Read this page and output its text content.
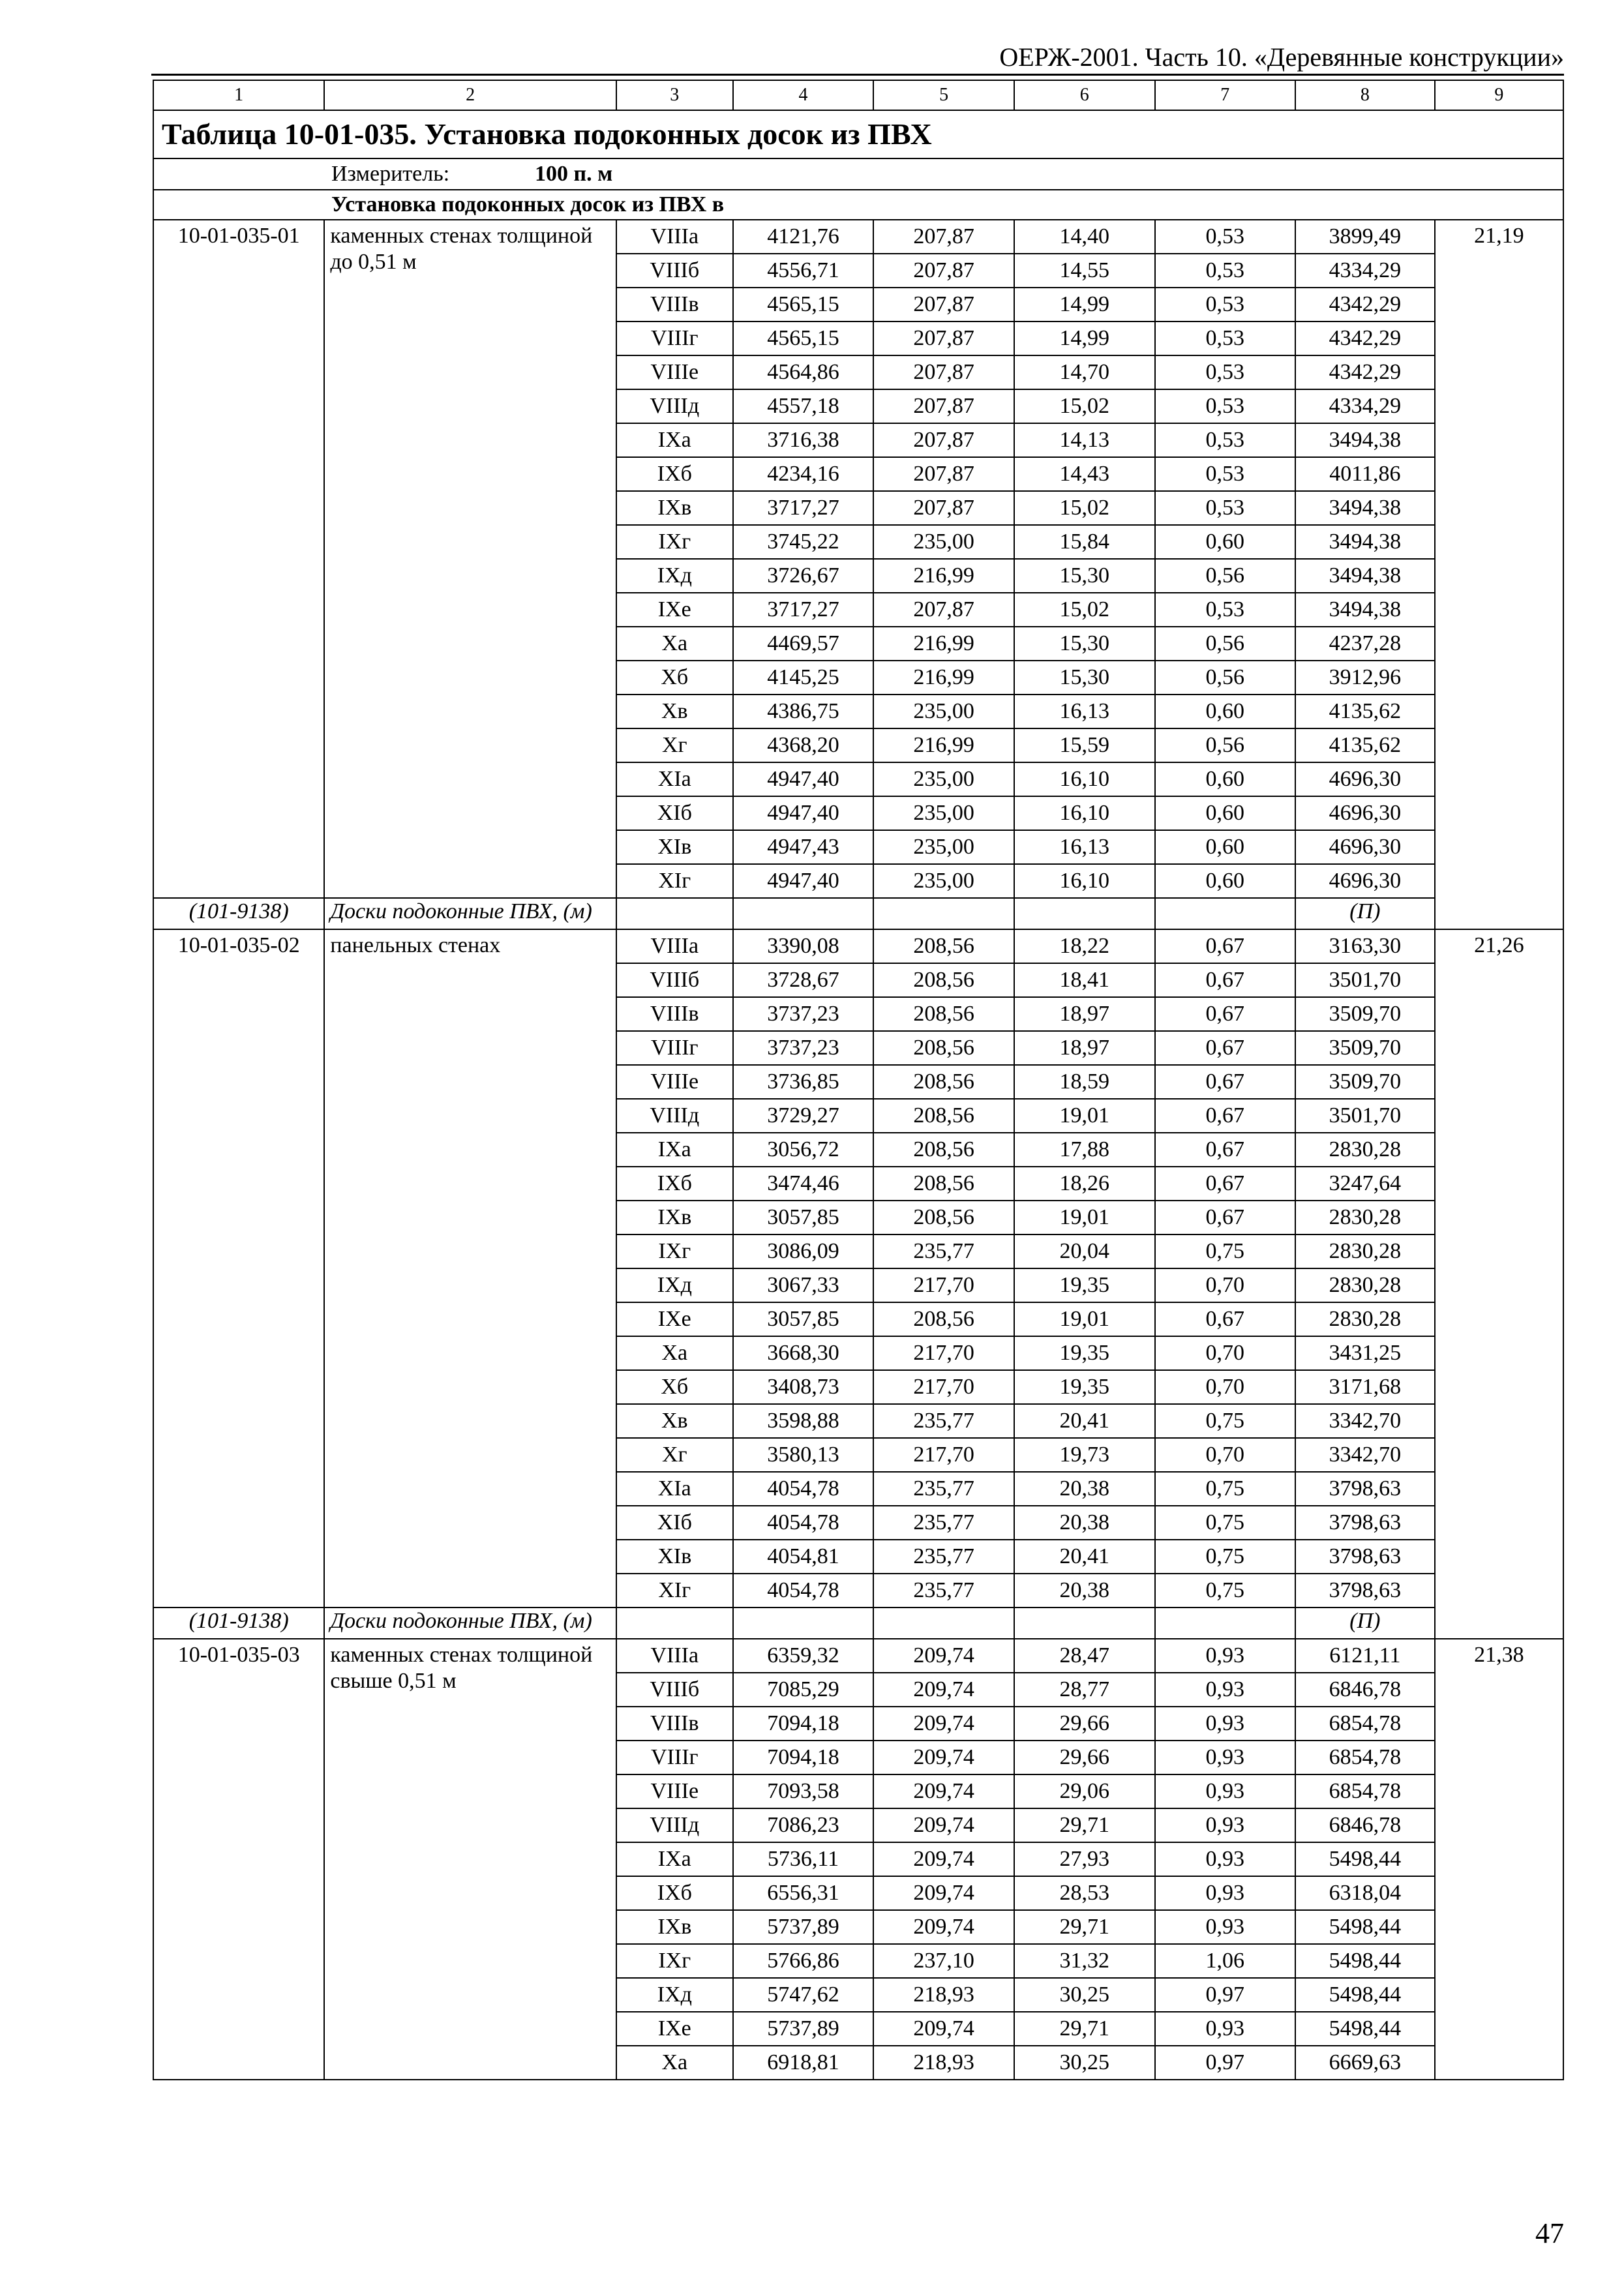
ОЕРЖ-2001. Часть 10. «Деревянные конструкции»
1	2	3	4	5	6	7	8	9
Таблица 10-01-035. Установка подоконных досок из ПВХ								
Измеритель: 100 п. м								
Установка подоконных досок из ПВХ в								
10-01-035-01	каменных стенах толщиной до 0,51 м	VIIIа	4121,76	207,87	14,40	0,53	3899,49	21,19
		VIIIб	4556,71	207,87	14,55	0,53	4334,29	
		VIIIв	4565,15	207,87	14,99	0,53	4342,29	
		VIIIг	4565,15	207,87	14,99	0,53	4342,29	
		VIIIе	4564,86	207,87	14,70	0,53	4342,29	
		VIIIд	4557,18	207,87	15,02	0,53	4334,29	
		IXа	3716,38	207,87	14,13	0,53	3494,38	
		IXб	4234,16	207,87	14,43	0,53	4011,86	
		IXв	3717,27	207,87	15,02	0,53	3494,38	
		IXг	3745,22	235,00	15,84	0,60	3494,38	
		IXд	3726,67	216,99	15,30	0,56	3494,38	
		IXе	3717,27	207,87	15,02	0,53	3494,38	
		Xа	4469,57	216,99	15,30	0,56	4237,28	
		Xб	4145,25	216,99	15,30	0,56	3912,96	
		Xв	4386,75	235,00	16,13	0,60	4135,62	
		Xг	4368,20	216,99	15,59	0,56	4135,62	
		XIа	4947,40	235,00	16,10	0,60	4696,30	
		XIб	4947,40	235,00	16,10	0,60	4696,30	
		XIв	4947,43	235,00	16,13	0,60	4696,30	
		XIг	4947,40	235,00	16,10	0,60	4696,30	
(101-9138)	Доски подоконные ПВХ, (м)						(П)	
10-01-035-02	панельных стенах	VIIIа	3390,08	208,56	18,22	0,67	3163,30	21,26
		VIIIб	3728,67	208,56	18,41	0,67	3501,70	
		VIIIв	3737,23	208,56	18,97	0,67	3509,70	
		VIIIг	3737,23	208,56	18,97	0,67	3509,70	
		VIIIе	3736,85	208,56	18,59	0,67	3509,70	
		VIIIд	3729,27	208,56	19,01	0,67	3501,70	
		IXа	3056,72	208,56	17,88	0,67	2830,28	
		IXб	3474,46	208,56	18,26	0,67	3247,64	
		IXв	3057,85	208,56	19,01	0,67	2830,28	
		IXг	3086,09	235,77	20,04	0,75	2830,28	
		IXд	3067,33	217,70	19,35	0,70	2830,28	
		IXе	3057,85	208,56	19,01	0,67	2830,28	
		Xа	3668,30	217,70	19,35	0,70	3431,25	
		Xб	3408,73	217,70	19,35	0,70	3171,68	
		Xв	3598,88	235,77	20,41	0,75	3342,70	
		Xг	3580,13	217,70	19,73	0,70	3342,70	
		XIа	4054,78	235,77	20,38	0,75	3798,63	
		XIб	4054,78	235,77	20,38	0,75	3798,63	
		XIв	4054,81	235,77	20,41	0,75	3798,63	
		XIг	4054,78	235,77	20,38	0,75	3798,63	
(101-9138)	Доски подоконные ПВХ, (м)						(П)	
10-01-035-03	каменных стенах толщиной свыше 0,51 м	VIIIа	6359,32	209,74	28,47	0,93	6121,11	21,38
		VIIIб	7085,29	209,74	28,77	0,93	6846,78	
		VIIIв	7094,18	209,74	29,66	0,93	6854,78	
		VIIIг	7094,18	209,74	29,66	0,93	6854,78	
		VIIIе	7093,58	209,74	29,06	0,93	6854,78	
		VIIIд	7086,23	209,74	29,71	0,93	6846,78	
		IXа	5736,11	209,74	27,93	0,93	5498,44	
		IXб	6556,31	209,74	28,53	0,93	6318,04	
		IXв	5737,89	209,74	29,71	0,93	5498,44	
		IXг	5766,86	237,10	31,32	1,06	5498,44	
		IXд	5747,62	218,93	30,25	0,97	5498,44	
		IXе	5737,89	209,74	29,71	0,93	5498,44	
		Xа	6918,81	218,93	30,25	0,97	6669,63	
47
